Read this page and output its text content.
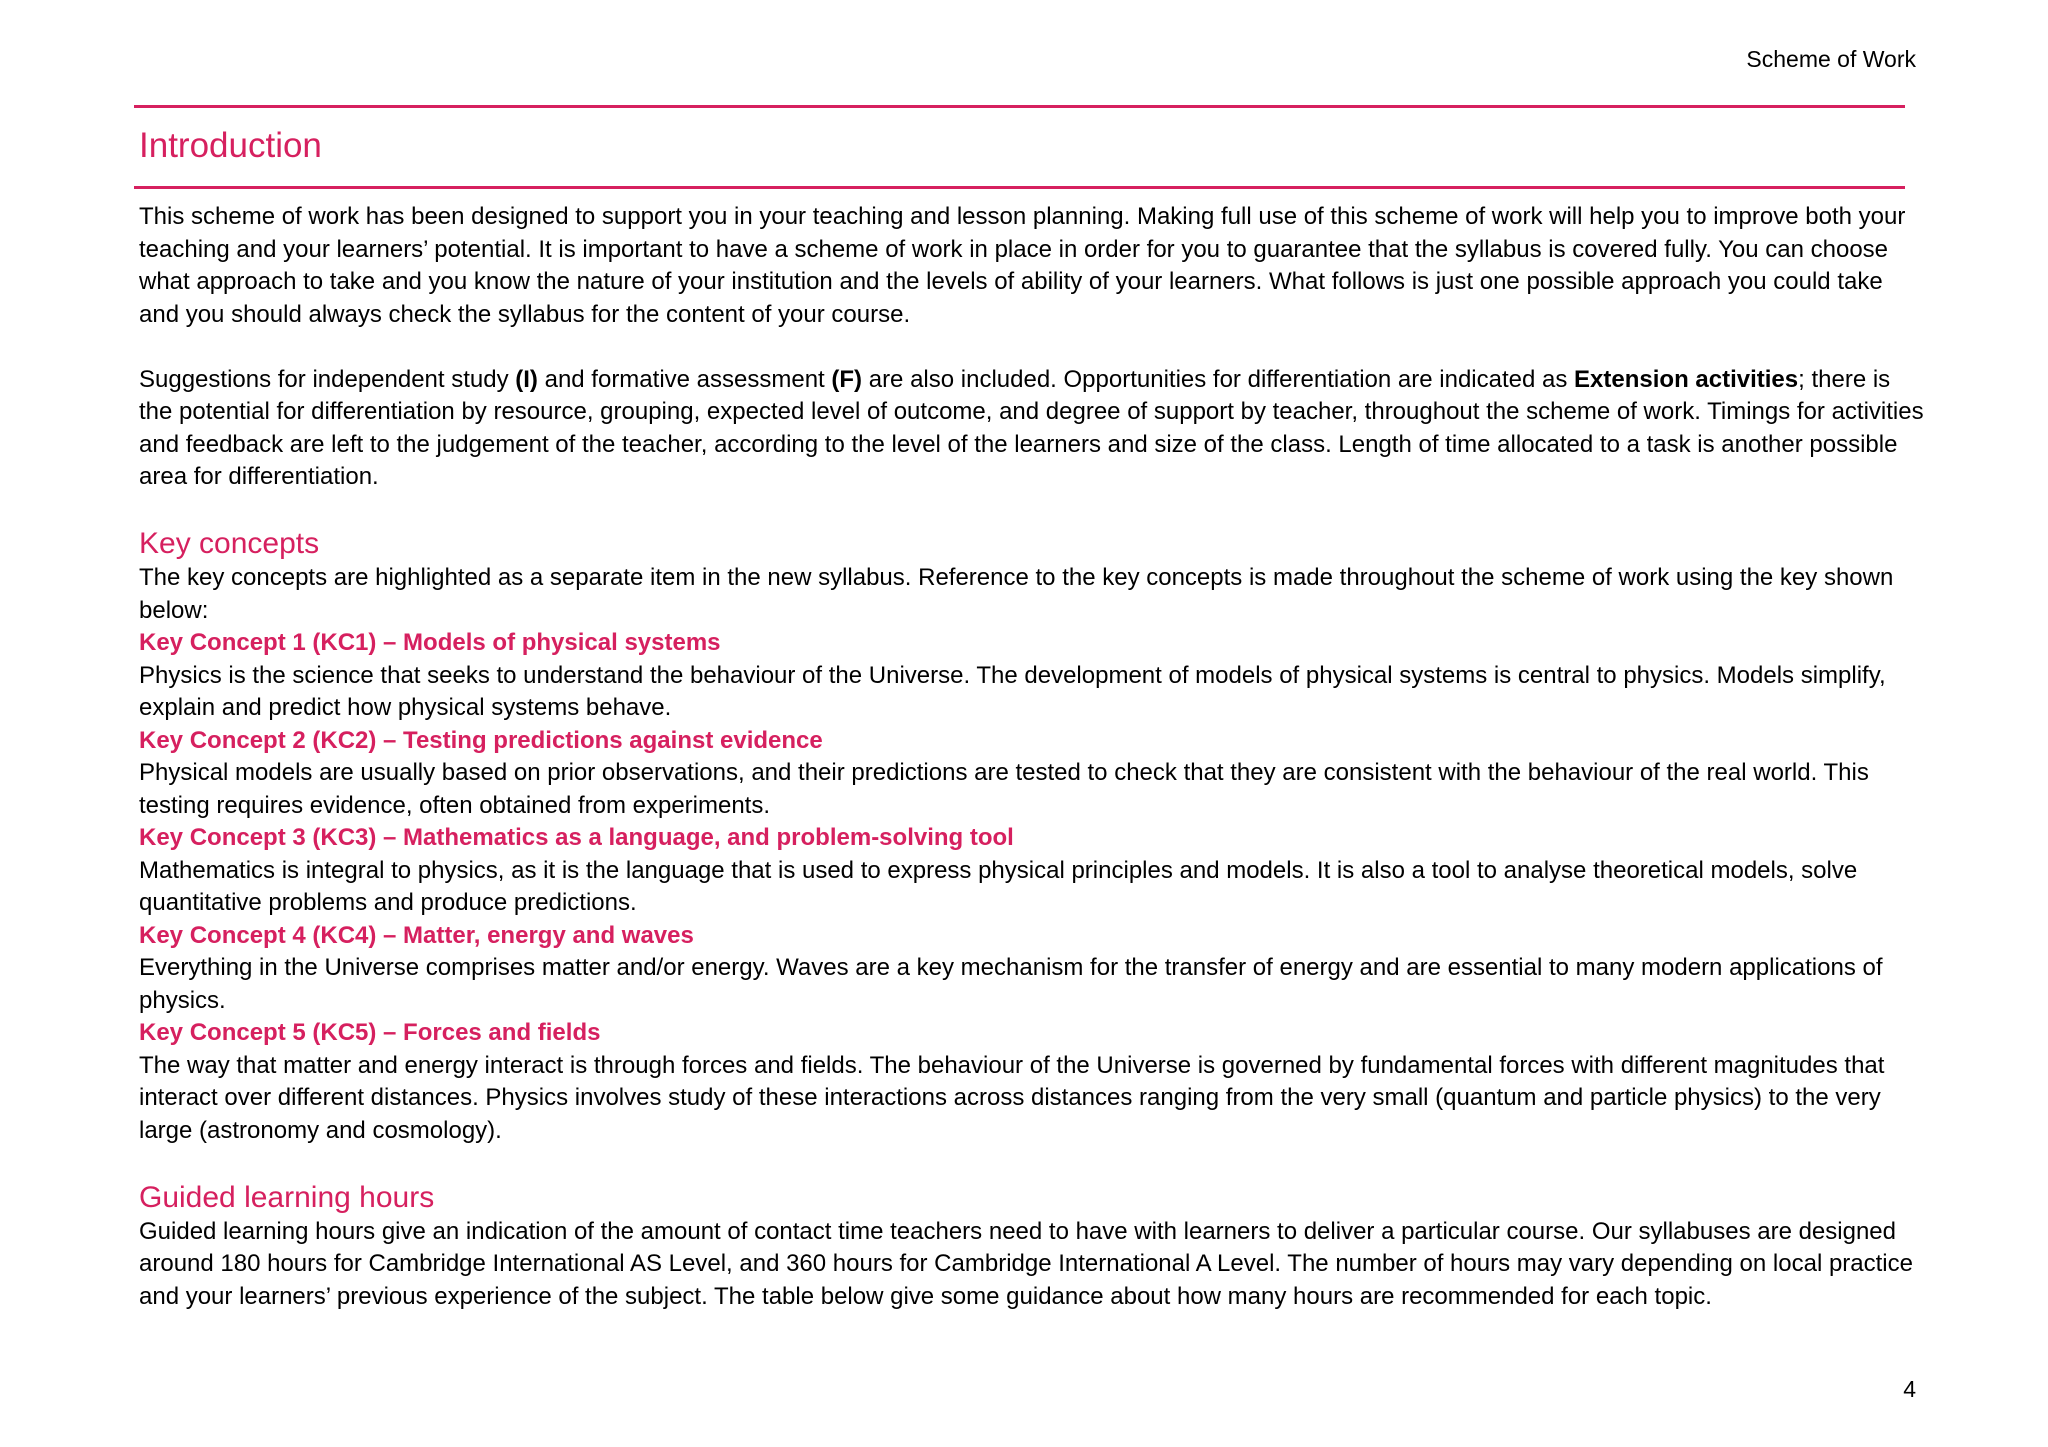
Scheme of Work
Introduction

This scheme of work has been designed to support you in your teaching and lesson planning. Making full use of this scheme of work will help you to improve both your teaching and your learners’ potential. It is important to have a scheme of work in place in order for you to guarantee that the syllabus is covered fully. You can choose what approach to take and you know the nature of your institution and the levels of ability of your learners. What follows is just one possible approach you could take and you should always check the syllabus for the content of your course.

Suggestions for independent study (I) and formative assessment (F) are also included. Opportunities for differentiation are indicated as Extension activities; there is the potential for differentiation by resource, grouping, expected level of outcome, and degree of support by teacher, throughout the scheme of work. Timings for activities and feedback are left to the judgement of the teacher, according to the level of the learners and size of the class. Length of time allocated to a task is another possible area for differentiation.

Key concepts

The key concepts are highlighted as a separate item in the new syllabus. Reference to the key concepts is made throughout the scheme of work using the key shown below:

Key Concept 1 (KC1) – Models of physical systems

Physics is the science that seeks to understand the behaviour of the Universe. The development of models of physical systems is central to physics. Models simplify, explain and predict how physical systems behave.

Key Concept 2 (KC2) – Testing predictions against evidence

Physical models are usually based on prior observations, and their predictions are tested to check that they are consistent with the behaviour of the real world. This testing requires evidence, often obtained from experiments.

Key Concept 3 (KC3) – Mathematics as a language, and problem-solving tool

Mathematics is integral to physics, as it is the language that is used to express physical principles and models. It is also a tool to analyse theoretical models, solve quantitative problems and produce predictions.

Key Concept 4 (KC4) – Matter, energy and waves

Everything in the Universe comprises matter and/or energy. Waves are a key mechanism for the transfer of energy and are essential to many modern applications of physics.

Key Concept 5 (KC5) – Forces and fields

The way that matter and energy interact is through forces and fields. The behaviour of the Universe is governed by fundamental forces with different magnitudes that interact over different distances. Physics involves study of these interactions across distances ranging from the very small (quantum and particle physics) to the very large (astronomy and cosmology).

Guided learning hours

Guided learning hours give an indication of the amount of contact time teachers need to have with learners to deliver a particular course. Our syllabuses are designed around 180 hours for Cambridge International AS Level, and 360 hours for Cambridge International A Level. The number of hours may vary depending on local practice and your learners’ previous experience of the subject. The table below give some guidance about how many hours are recommended for each topic.

4
